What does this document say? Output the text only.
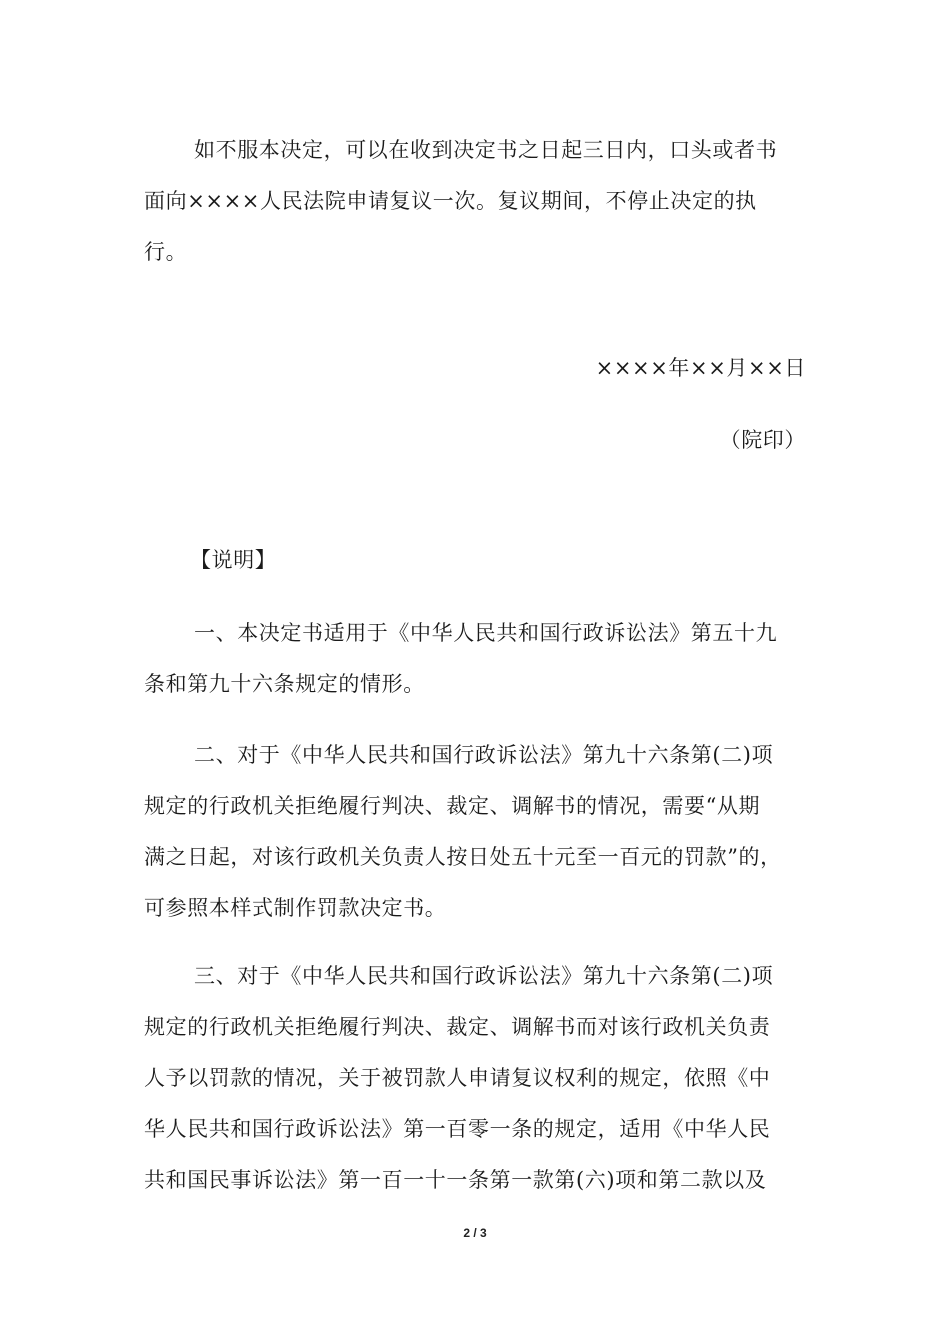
如不服本决定，可以在收到决定书之日起三日内，口头或者书
面向××××人民法院申请复议一次。复议期间，不停止决定的执
行。

××××年××月××日
（院印）
【说明】

一、本决定书适用于《中华人民共和国行政诉讼法》第五十九
条和第九十六条规定的情形。

二、对于《中华人民共和国行政诉讼法》第九十六条第(二)项
规定的行政机关拒绝履行判决、裁定、调解书的情况，需要“从期
满之日起，对该行政机关负责人按日处五十元至一百元的罚款”的，
可参照本样式制作罚款决定书。

三、对于《中华人民共和国行政诉讼法》第九十六条第(二)项
规定的行政机关拒绝履行判决、裁定、调解书而对该行政机关负责
人予以罚款的情况，关于被罚款人申请复议权利的规定，依照《中
华人民共和国行政诉讼法》第一百零一条的规定，适用《中华人民
共和国民事诉讼法》第一百一十一条第一款第(六)项和第二款以及

2 / 3
